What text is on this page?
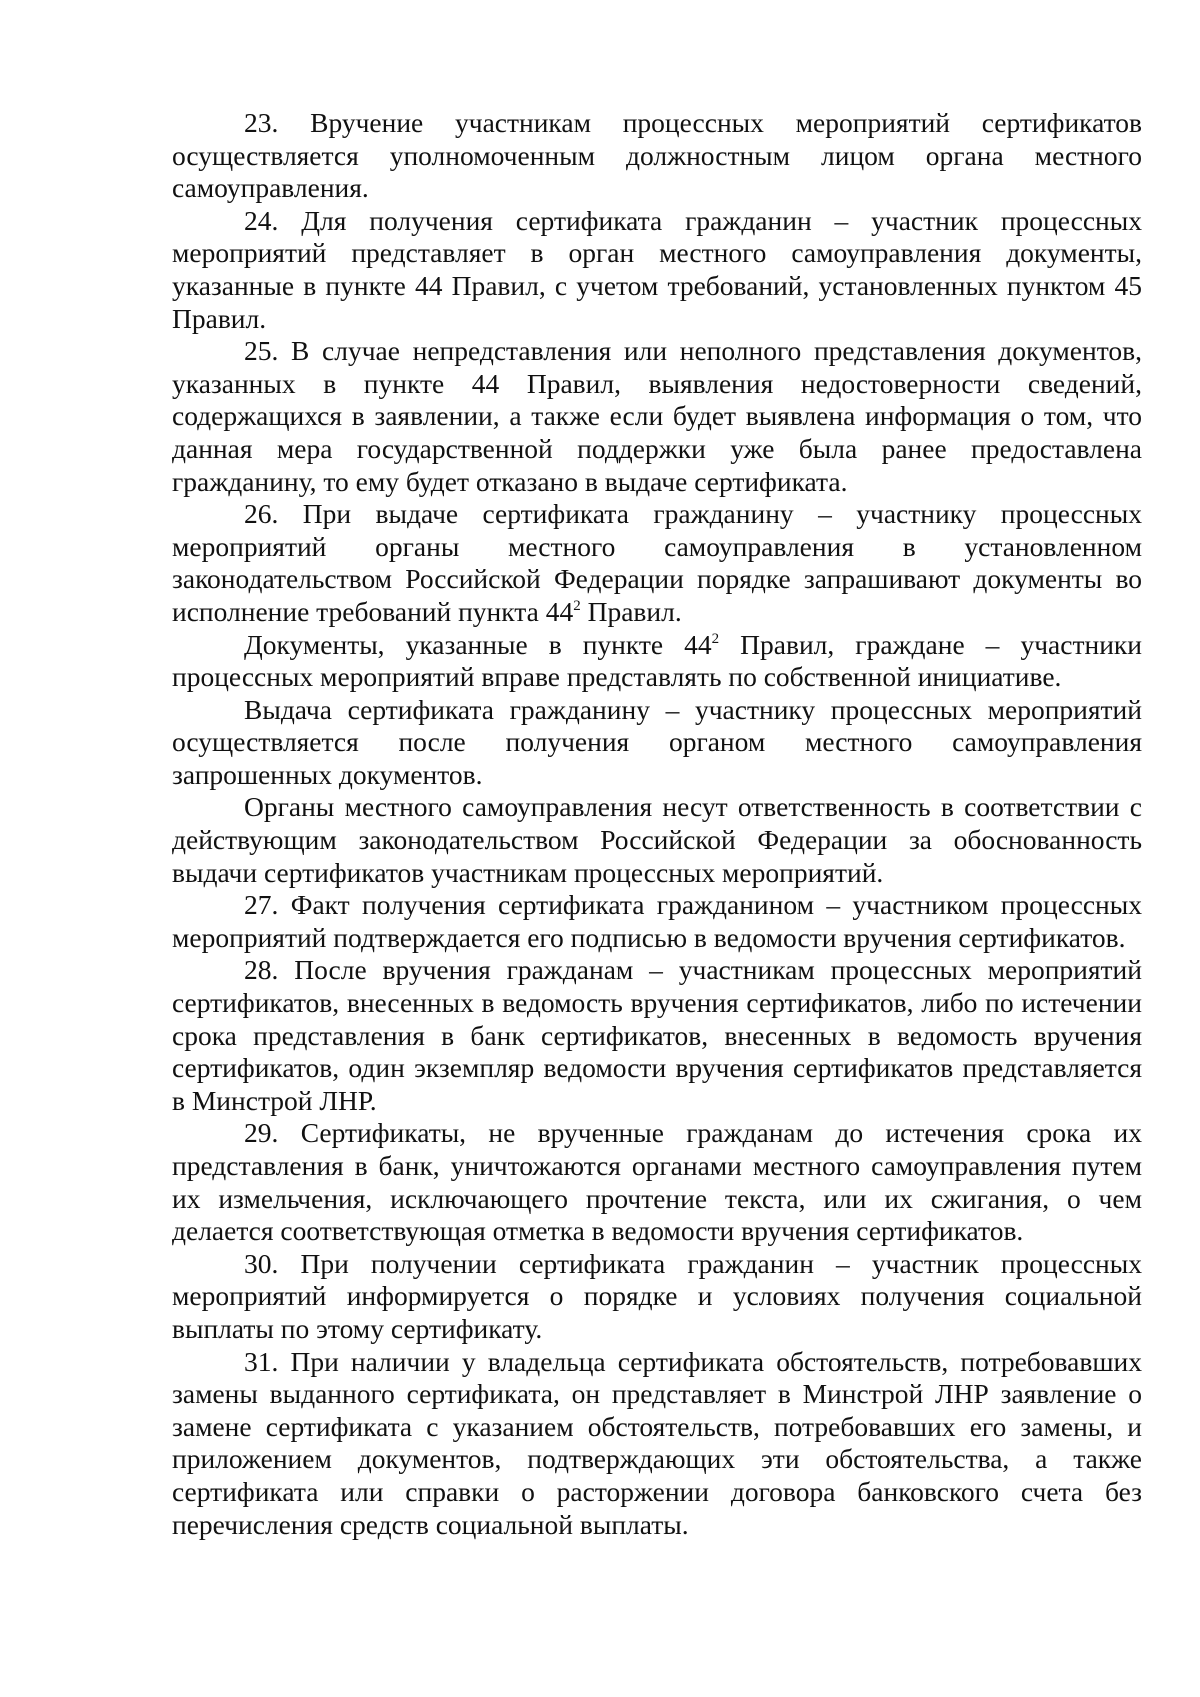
23. Вручение участникам процессных мероприятий сертификатов осуществляется уполномоченным должностным лицом органа местного самоуправления.

24. Для получения сертификата гражданин – участник процессных мероприятий представляет в орган местного самоуправления документы, указанные в пункте 44 Правил, с учетом требований, установленных пунктом 45 Правил.

25. В случае непредставления или неполного представления документов, указанных в пункте 44 Правил, выявления недостоверности сведений, содержащихся в заявлении, а также если будет выявлена информация о том, что данная мера государственной поддержки уже была ранее предоставлена гражданину, то ему будет отказано в выдаче сертификата.

26. При выдаче сертификата гражданину – участнику процессных мероприятий органы местного самоуправления в установленном законодательством Российской Федерации порядке запрашивают документы во исполнение требований пункта $44^2$ Правил.

Документы, указанные в пункте $44^2$ Правил, граждане – участники процессных мероприятий вправе представлять по собственной инициативе.

Выдача сертификата гражданину – участнику процессных мероприятий осуществляется после получения органом местного самоуправления запрошенных документов.

Органы местного самоуправления несут ответственность в соответствии с действующим законодательством Российской Федерации за обоснованность выдачи сертификатов участникам процессных мероприятий.

27. Факт получения сертификата гражданином – участником процессных мероприятий подтверждается его подписью в ведомости вручения сертификатов.

28. После вручения гражданам – участникам процессных мероприятий сертификатов, внесенных в ведомость вручения сертификатов, либо по истечении срока представления в банк сертификатов, внесенных в ведомость вручения сертификатов, один экземпляр ведомости вручения сертификатов представляется в Минстрой ЛНР.

29. Сертификаты, не врученные гражданам до истечения срока их представления в банк, уничтожаются органами местного самоуправления путем их измельчения, исключающего прочтение текста, или их сжигания, о чем делается соответствующая отметка в ведомости вручения сертификатов.

30. При получении сертификата гражданин – участник процессных мероприятий информируется о порядке и условиях получения социальной выплаты по этому сертификату.

31. При наличии у владельца сертификата обстоятельств, потребовавших замены выданного сертификата, он представляет в Минстрой ЛНР заявление о замене сертификата с указанием обстоятельств, потребовавших его замены, и приложением документов, подтверждающих эти обстоятельства, а также сертификата или справки о расторжении договора банковского счета без перечисления средств социальной выплаты.
